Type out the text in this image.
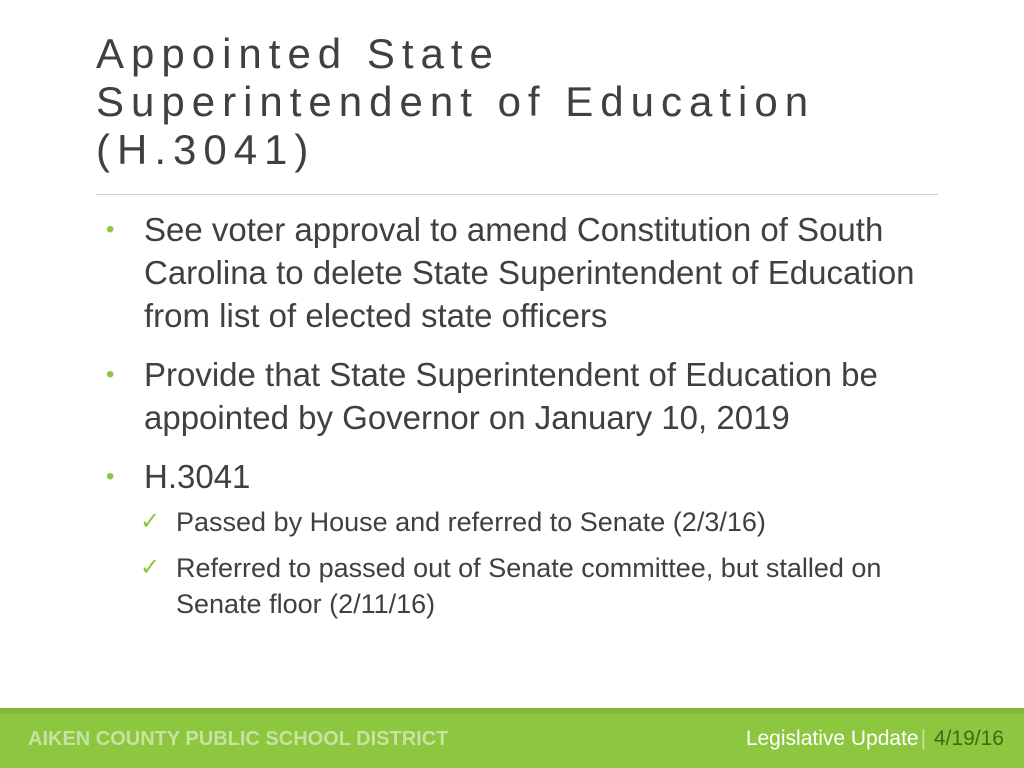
Appointed State
Superintendent of Education
(H.3041)
• See voter approval to amend Constitution of South Carolina to delete State Superintendent of Education from list of elected state officers
• Provide that State Superintendent of Education be appointed by Governor on January 10, 2019
• H.3041
✓ Passed by House and referred to Senate (2/3/16)
✓ Referred to passed out of Senate committee, but stalled on Senate floor (2/11/16)
AIKEN COUNTY PUBLIC SCHOOL DISTRICT	Legislative Update| 4/19/16
